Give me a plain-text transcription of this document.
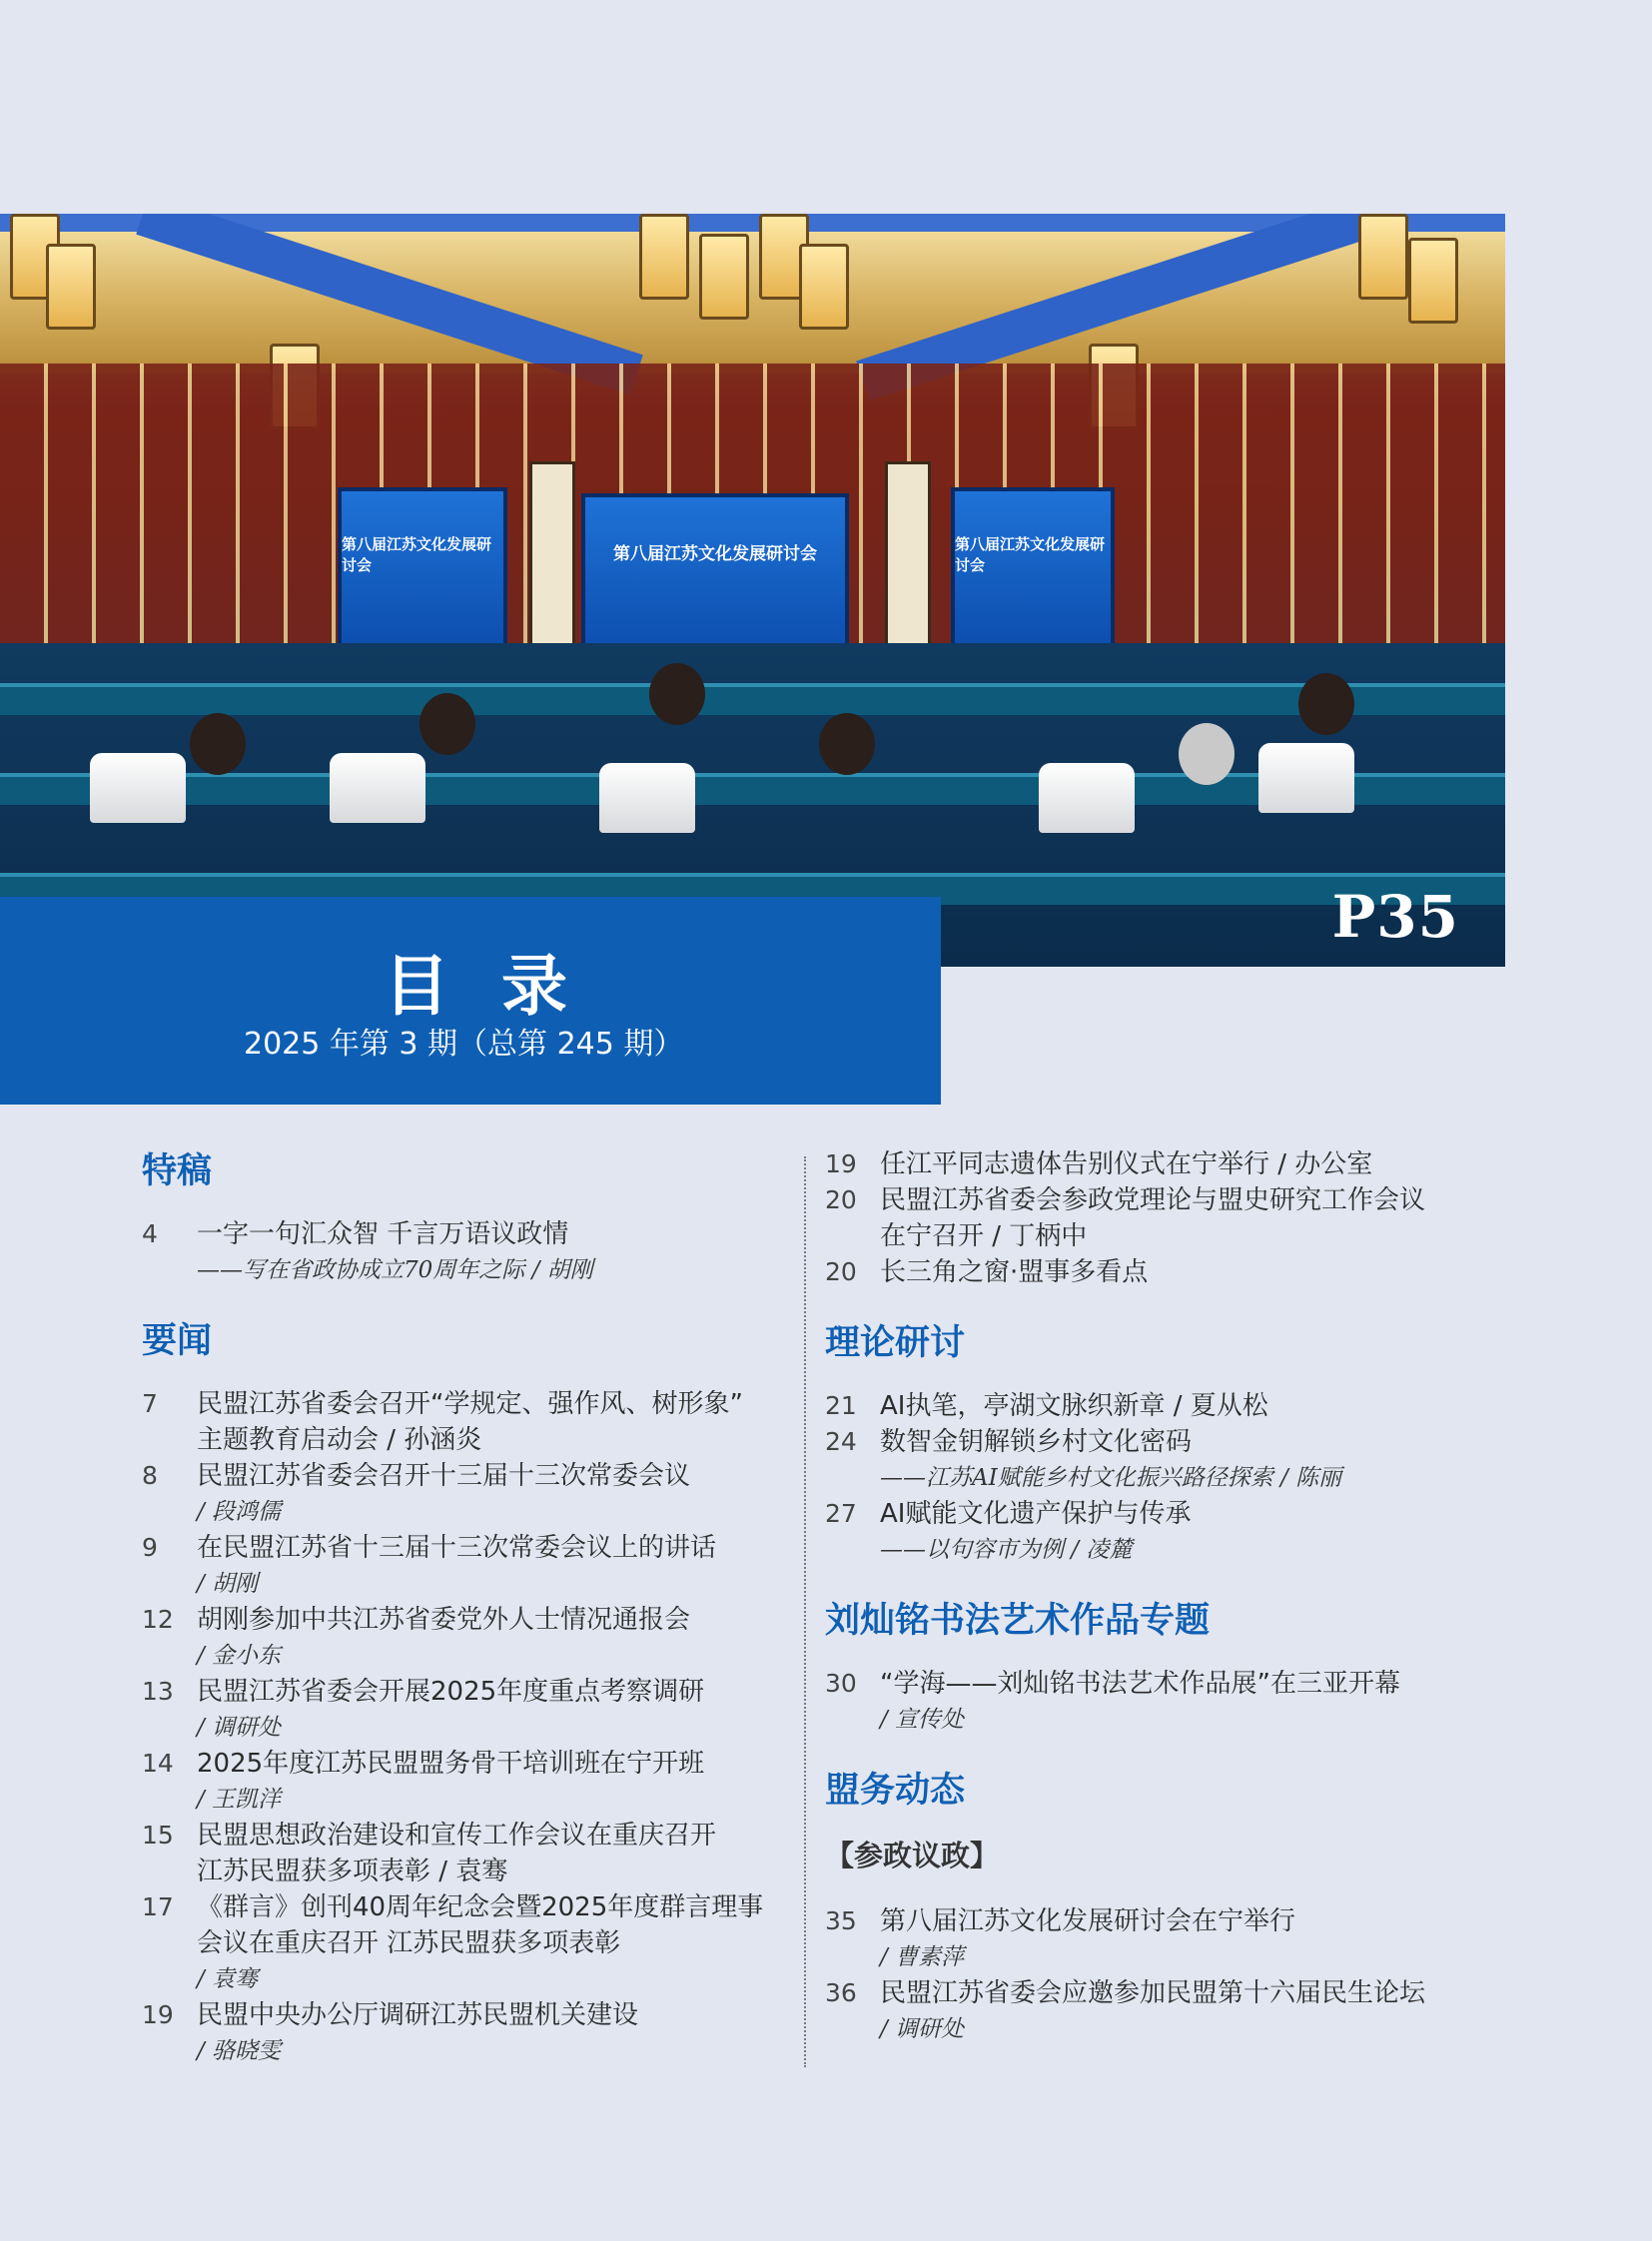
第八届江苏文化发展研讨会
第八届江苏文化发展研讨会	第八届江苏文化发展研讨会
P35
目录
2025 年第 3 期（总第 245 期）
特稿
4 一字一句汇众智 千言万语议政情
——写在省政协成立70周年之际 / 胡刚
要闻
7 民盟江苏省委会召开“学规定、强作风、树形象”
主题教育启动会 / 孙涵炎
8 民盟江苏省委会召开十三届十三次常委会议
/ 段鸿儒
9 在民盟江苏省十三届十三次常委会议上的讲话
/ 胡刚
12 胡刚参加中共江苏省委党外人士情况通报会
/ 金小东
13 民盟江苏省委会开展2025年度重点考察调研
/ 调研处
14 2025年度江苏民盟盟务骨干培训班在宁开班
/ 王凯洋
15 民盟思想政治建设和宣传工作会议在重庆召开
江苏民盟获多项表彰 / 袁骞
17 《群言》创刊40周年纪念会暨2025年度群言理事
会议在重庆召开 江苏民盟获多项表彰
/ 袁骞
19 民盟中央办公厅调研江苏民盟机关建设
/ 骆晓雯
19 任江平同志遗体告别仪式在宁举行 / 办公室
20 民盟江苏省委会参政党理论与盟史研究工作会议
在宁召开 / 丁柄中
20 长三角之窗·盟事多看点
理论研讨
21 AI执笔，亭湖文脉织新章 / 夏从松
24 数智金钥解锁乡村文化密码
——江苏AI赋能乡村文化振兴路径探索 / 陈丽
27 AI赋能文化遗产保护与传承
——以句容市为例 / 凌麓
刘灿铭书法艺术作品专题
30 “学海——刘灿铭书法艺术作品展”在三亚开幕
/ 宣传处
盟务动态
【参政议政】
35 第八届江苏文化发展研讨会在宁举行
/ 曹素萍
36 民盟江苏省委会应邀参加民盟第十六届民生论坛
/ 调研处
